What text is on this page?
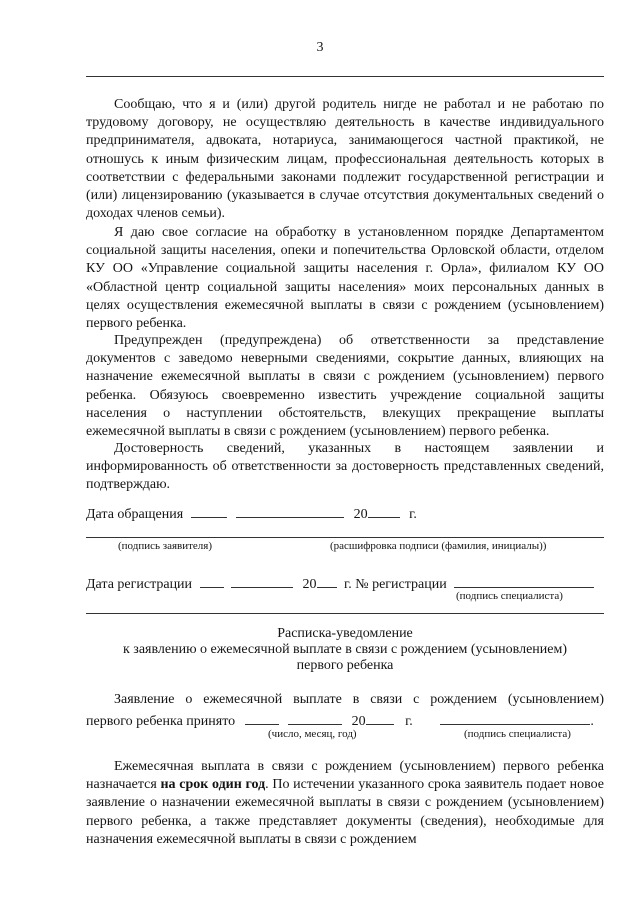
3

Сообщаю, что я и (или) другой родитель нигде не работал и не работаю по трудовому договору, не осуществляю деятельность в качестве индивидуального предпринимателя, адвоката, нотариуса, занимающегося частной практикой, не отношусь к иным физическим лицам, профессиональная деятельность которых в соответствии с федеральными законами подлежит государственной регистрации и (или) лицензированию (указывается в случае отсутствия документальных сведений о доходах членов семьи).

Я даю свое согласие на обработку в установленном порядке Департаментом социальной защиты населения, опеки и попечительства Орловской области, отделом КУ ОО «Управление социальной защиты населения г. Орла», филиалом КУ ОО «Областной центр социальной защиты населения» моих персональных данных в целях осуществления ежемесячной выплаты в связи с рождением (усыновлением) первого ребенка.

Предупрежден (предупреждена) об ответственности за представление документов с заведомо неверными сведениями, сокрытие данных, влияющих на назначение ежемесячной выплаты в связи с рождением (усыновлением) первого ребенка. Обязуюсь своевременно известить учреждение социальной защиты населения о наступлении обстоятельств, влекущих прекращение выплаты ежемесячной выплаты в связи с рождением (усыновлением) первого ребенка.

Достоверность сведений, указанных в настоящем заявлении и информированность об ответственности за достоверность представленных сведений, подтверждаю.

Дата обращения	20	г.
(подпись заявителя)	(расшифровка подписи (фамилия, инициалы))
Дата регистрации	20 г. № регистрации
(подпись специалиста)
Расписка-уведомление
к заявлению о ежемесячной выплате в связи с рождением (усыновлением)
первого ребенка
Заявление о ежемесячной выплате в связи с рождением (усыновлением)
первого ребенка принято	20	г.	.
(число, месяц, год)	(подпись специалиста)

Ежемесячная выплата в связи с рождением (усыновлением) первого ребенка назначается на срок один год. По истечении указанного срока заявитель подает новое заявление о назначении ежемесячной выплаты в связи с рождением (усыновлением) первого ребенка, а также представляет документы (сведения), необходимые для назначения ежемесячной выплаты в связи с рождением
